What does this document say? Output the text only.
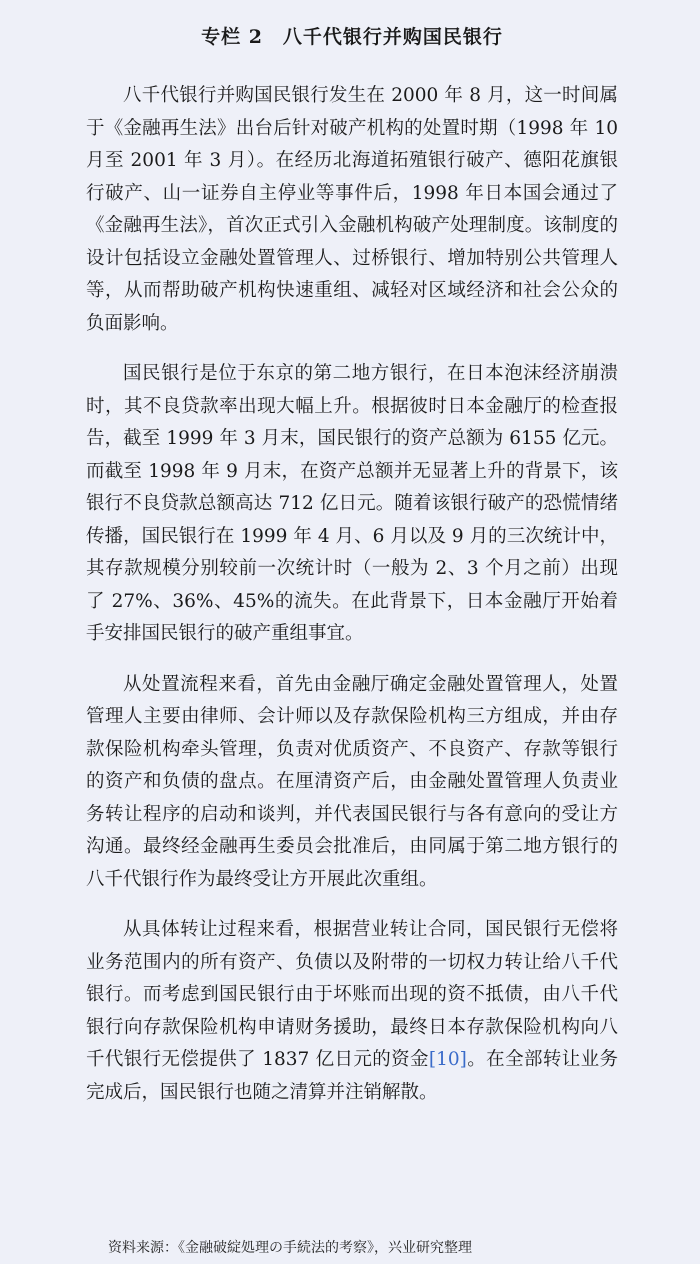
专栏 2　八千代银行并购国民银行

八千代银行并购国民银行发生在 2000 年 8 月，这一时间属于《金融再生法》出台后针对破产机构的处置时期（1998 年 10 月至 2001 年 3 月）。在经历北海道拓殖银行破产、德阳花旗银行破产、山一证券自主停业等事件后，1998 年日本国会通过了《金融再生法》，首次正式引入金融机构破产处理制度。该制度的设计包括设立金融处置管理人、过桥银行、增加特别公共管理人等，从而帮助破产机构快速重组、减轻对区域经济和社会公众的负面影响。

国民银行是位于东京的第二地方银行，在日本泡沫经济崩溃时，其不良贷款率出现大幅上升。根据彼时日本金融厅的检查报告，截至 1999 年 3 月末，国民银行的资产总额为 6155 亿元。而截至 1998 年 9 月末，在资产总额并无显著上升的背景下，该银行不良贷款总额高达 712 亿日元。随着该银行破产的恐慌情绪传播，国民银行在 1999 年 4 月、6 月以及 9 月的三次统计中，其存款规模分别较前一次统计时（一般为 2、3 个月之前）出现了 27%、36%、45%的流失。在此背景下，日本金融厅开始着手安排国民银行的破产重组事宜。

从处置流程来看，首先由金融厅确定金融处置管理人，处置管理人主要由律师、会计师以及存款保险机构三方组成，并由存款保险机构牵头管理，负责对优质资产、不良资产、存款等银行的资产和负债的盘点。在厘清资产后，由金融处置管理人负责业务转让程序的启动和谈判，并代表国民银行与各有意向的受让方沟通。最终经金融再生委员会批准后，由同属于第二地方银行的八千代银行作为最终受让方开展此次重组。

从具体转让过程来看，根据营业转让合同，国民银行无偿将业务范围内的所有资产、负债以及附带的一切权力转让给八千代银行。而考虑到国民银行由于坏账而出现的资不抵债，由八千代银行向存款保险机构申请财务援助，最终日本存款保险机构向八千代银行无偿提供了 1837 亿日元的资金[10]。在全部转让业务完成后，国民银行也随之清算并注销解散。

资料来源：《金融破綻処理の手続法的考察》，兴业研究整理
